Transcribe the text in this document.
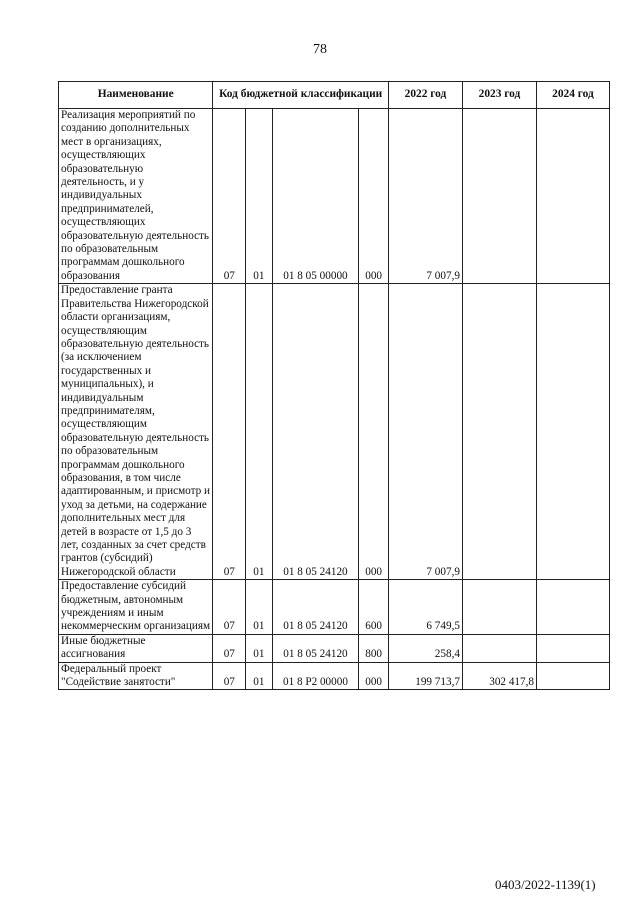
78
Наименование	Код бюджетной классификации				2022 год	2023 год	2024 год
Реализация мероприятий по созданию дополнительных мест в организациях, осуществляющих образовательную деятельность, и у индивидуальных предпринимателей, осуществляющих образовательную деятельность по образовательным программам дошкольного образования	07	01	01 8 05 00000	000	7 007,9		
Предоставление гранта Правительства Нижегородской области организациям, осуществляющим образовательную деятельность (за исключением государственных и муниципальных), и индивидуальным предпринимателям, осуществляющим образовательную деятельность по образовательным программам дошкольного образования, в том числе адаптированным, и присмотр и уход за детьми, на содержание дополнительных мест для детей в возрасте от 1,5 до 3 лет, созданных за счет средств грантов (субсидий) Нижегородской области	07	01	01 8 05 24120	000	7 007,9		
Предоставление субсидий бюджетным, автономным учреждениям и иным некоммерческим организациям	07	01	01 8 05 24120	600	6 749,5		
Иные бюджетные ассигнования	07	01	01 8 05 24120	800	258,4		
Федеральный проект "Содействие занятости"	07	01	01 8 P2 00000	000	199 713,7	302 417,8	
0403/2022-1139(1)
